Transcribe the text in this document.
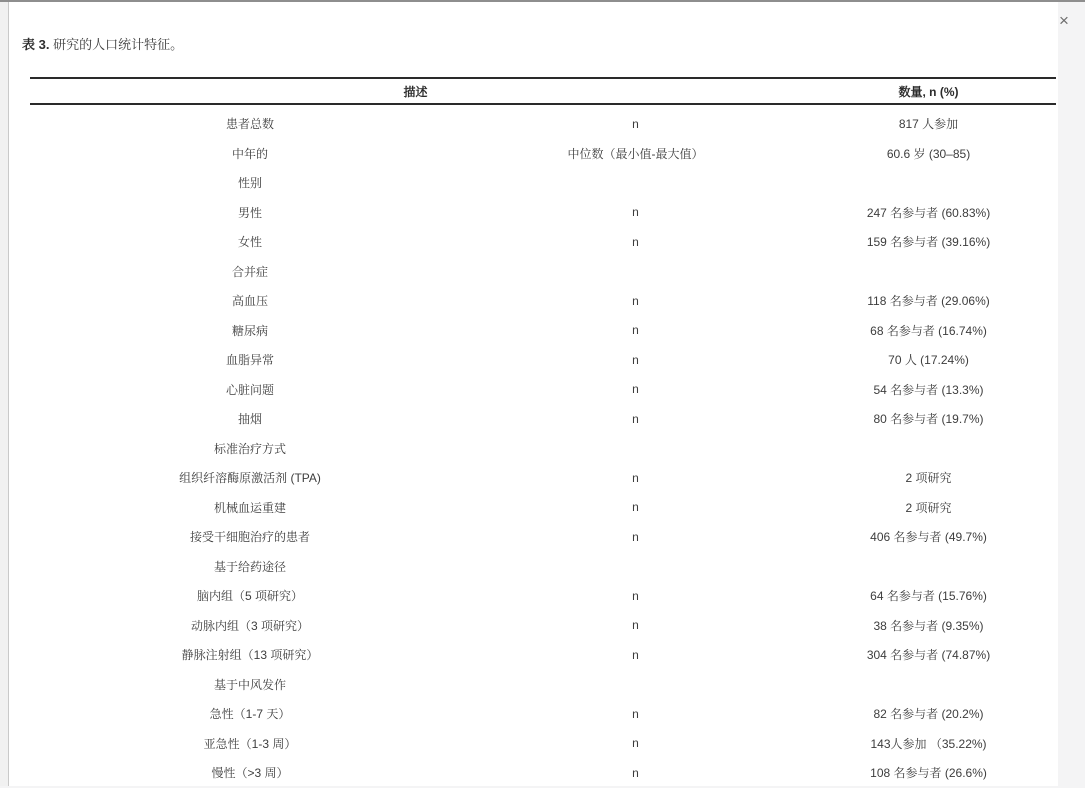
表 3. 研究的人口统计特征。
描述		数量, n (%)
患者总数	n	817 人参加
中年的	中位数（最小值-最大值）	60.6 岁 (30–85)
性别		
男性	n	247 名参与者 (60.83%)
女性	n	159 名参与者 (39.16%)
合并症		
高血压	n	118 名参与者 (29.06%)
糖尿病	n	68 名参与者 (16.74%)
血脂异常	n	70 人 (17.24%)
心脏问题	n	54 名参与者 (13.3%)
抽烟	n	80 名参与者 (19.7%)
标准治疗方式		
组织纤溶酶原激活剂 (TPA)	n	2 项研究
机械血运重建	n	2 项研究
接受干细胞治疗的患者	n	406 名参与者 (49.7%)
基于给药途径		
脑内组（5 项研究）	n	64 名参与者 (15.76%)
动脉内组（3 项研究）	n	38 名参与者 (9.35%)
静脉注射组（13 项研究）	n	304 名参与者 (74.87%)
基于中风发作		
急性（1-7 天）	n	82 名参与者 (20.2%)
亚急性（1-3 周）	n	143人参加 （35.22%)
慢性（>3 周）	n	108 名参与者 (26.6%)
×
